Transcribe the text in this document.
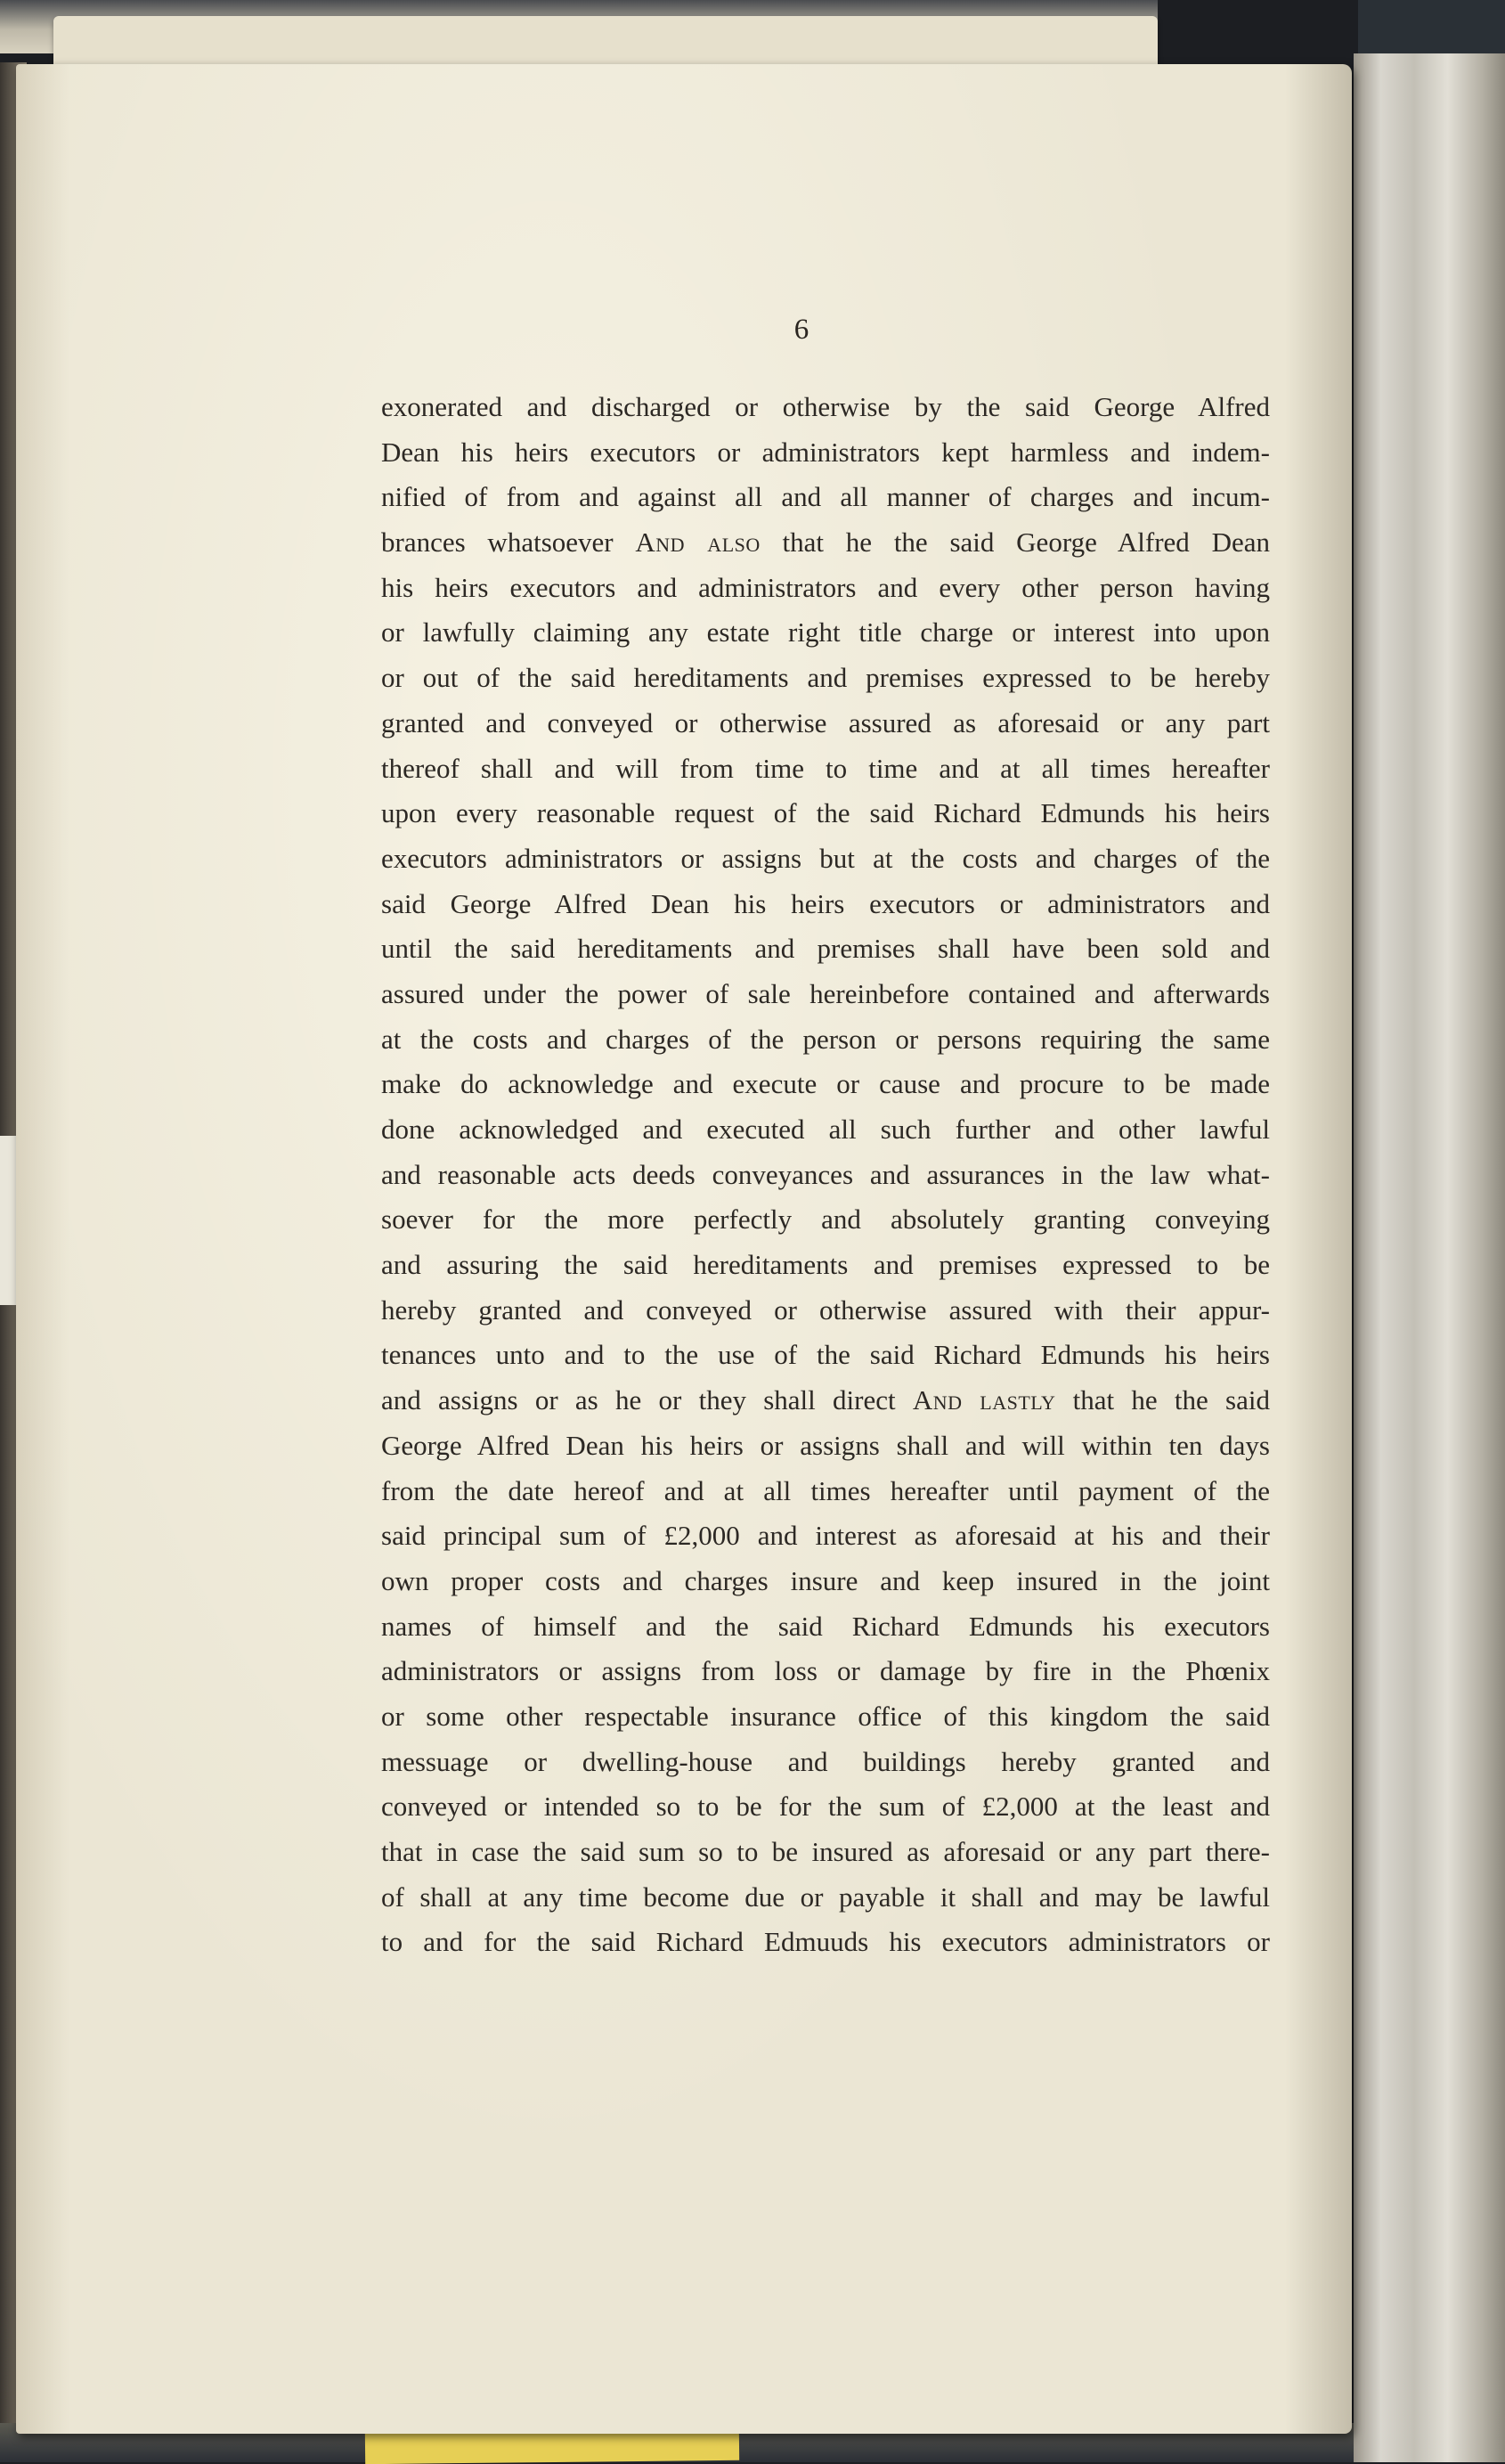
6
exonerated and discharged or otherwise by the said George Alfred
Dean his heirs executors or administrators kept harmless and indem-
nified of from and against all and all manner of charges and incum-
brances whatsoever And also that he the said George Alfred Dean
his heirs executors and administrators and every other person having
or lawfully claiming any estate right title charge or interest into upon
or out of the said hereditaments and premises expressed to be hereby
granted and conveyed or otherwise assured as aforesaid or any part
thereof shall and will from time to time and at all times hereafter
upon every reasonable request of the said Richard Edmunds his heirs
executors administrators or assigns but at the costs and charges of the
said George Alfred Dean his heirs executors or administrators and
until the said hereditaments and premises shall have been sold and
assured under the power of sale hereinbefore contained and afterwards
at the costs and charges of the person or persons requiring the same
make do acknowledge and execute or cause and procure to be made
done acknowledged and executed all such further and other lawful
and reasonable acts deeds conveyances and assurances in the law what-
soever for the more perfectly and absolutely granting conveying
and assuring the said hereditaments and premises expressed to be
hereby granted and conveyed or otherwise assured with their appur-
tenances unto and to the use of the said Richard Edmunds his heirs
and assigns or as he or they shall direct And lastly that he the said
George Alfred Dean his heirs or assigns shall and will within ten days
from the date hereof and at all times hereafter until payment of the
said principal sum of £2,000 and interest as aforesaid at his and their
own proper costs and charges insure and keep insured in the joint
names of himself and the said Richard Edmunds his executors
administrators or assigns from loss or damage by fire in the Phœnix
or some other respectable insurance office of this kingdom the said
messuage or dwelling-house and buildings hereby granted and
conveyed or intended so to be for the sum of £2,000 at the least and
that in case the said sum so to be insured as aforesaid or any part there-
of shall at any time become due or payable it shall and may be lawful
to and for the said Richard Edmuuds his executors administrators or
